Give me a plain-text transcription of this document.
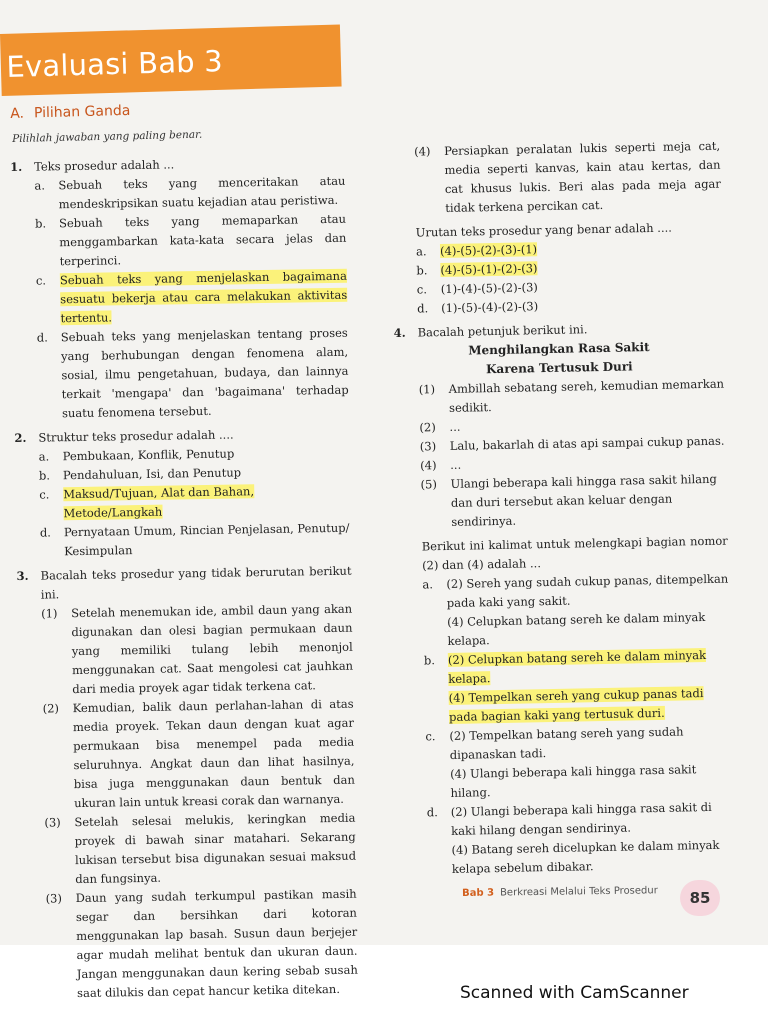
Evaluasi Bab 3
A. Pilihan Ganda
Pilihlah jawaban yang paling benar.
1. Teks prosedur adalah ...
a. Sebuah teks yang menceritakan atau mendeskripsikan suatu kejadian atau peristiwa.
b. Sebuah teks yang memaparkan atau menggambarkan kata-kata secara jelas dan terperinci.
c. Sebuah teks yang menjelaskan bagaimana sesuatu bekerja atau cara melakukan aktivitas tertentu.
d. Sebuah teks yang menjelaskan tentang proses yang berhubungan dengan fenomena alam, sosial, ilmu pengetahuan, budaya, dan lainnya terkait 'mengapa' dan 'bagaimana' terhadap suatu fenomena tersebut.
2. Struktur teks prosedur adalah ....
a. Pembukaan, Konflik, Penutup
b. Pendahuluan, Isi, dan Penutup
c. Maksud/Tujuan, Alat dan Bahan, Metode/Langkah
d. Pernyataan Umum, Rincian Penjelasan, Penutup/ Kesimpulan
3. Bacalah teks prosedur yang tidak berurutan berikut ini.
(1) Setelah menemukan ide, ambil daun yang akan digunakan dan olesi bagian permukaan daun yang memiliki tulang lebih menonjol menggunakan cat. Saat mengolesi cat jauhkan dari media proyek agar tidak terkena cat.
(2) Kemudian, balik daun perlahan-lahan di atas media proyek. Tekan daun dengan kuat agar permukaan bisa menempel pada media seluruhnya. Angkat daun dan lihat hasilnya, bisa juga menggunakan daun bentuk dan ukuran lain untuk kreasi corak dan warnanya.
(3) Setelah selesai melukis, keringkan media proyek di bawah sinar matahari. Sekarang lukisan tersebut bisa digunakan sesuai maksud dan fungsinya.
(3) Daun yang sudah terkumpul pastikan masih segar dan bersihkan dari kotoran menggunakan lap basah. Susun daun berjejer agar mudah melihat bentuk dan ukuran daun. Jangan menggunakan daun kering sebab susah saat dilukis dan cepat hancur ketika ditekan.
(4) Persiapkan peralatan lukis seperti meja cat, media seperti kanvas, kain atau kertas, dan cat khusus lukis. Beri alas pada meja agar tidak terkena percikan cat.
Urutan teks prosedur yang benar adalah ....
a. (4)-(5)-(2)-(3)-(1)
b. (4)-(5)-(1)-(2)-(3)
c. (1)-(4)-(5)-(2)-(3)
d. (1)-(5)-(4)-(2)-(3)
4. Bacalah petunjuk berikut ini.
Menghilangkan Rasa Sakit
Karena Tertusuk Duri
(1) Ambillah sebatang sereh, kemudian memarkan sedikit.
(2) ...
(3) Lalu, bakarlah di atas api sampai cukup panas.
(4) ...
(5) Ulangi beberapa kali hingga rasa sakit hilang dan duri tersebut akan keluar dengan sendirinya.
Berikut ini kalimat untuk melengkapi bagian nomor (2) dan (4) adalah ...
a. (2) Sereh yang sudah cukup panas, ditempelkan pada kaki yang sakit.
(4) Celupkan batang sereh ke dalam minyak kelapa.
b. (2) Celupkan batang sereh ke dalam minyak kelapa.
(4) Tempelkan sereh yang cukup panas tadi pada bagian kaki yang tertusuk duri.
c. (2) Tempelkan batang sereh yang sudah dipanaskan tadi.
(4) Ulangi beberapa kali hingga rasa sakit hilang.
d. (2) Ulangi beberapa kali hingga rasa sakit di kaki hilang dengan sendirinya.
(4) Batang sereh dicelupkan ke dalam minyak kelapa sebelum dibakar.
Bab 3 Berkreasi Melalui Teks Prosedur	85
Scanned with CamScanner
